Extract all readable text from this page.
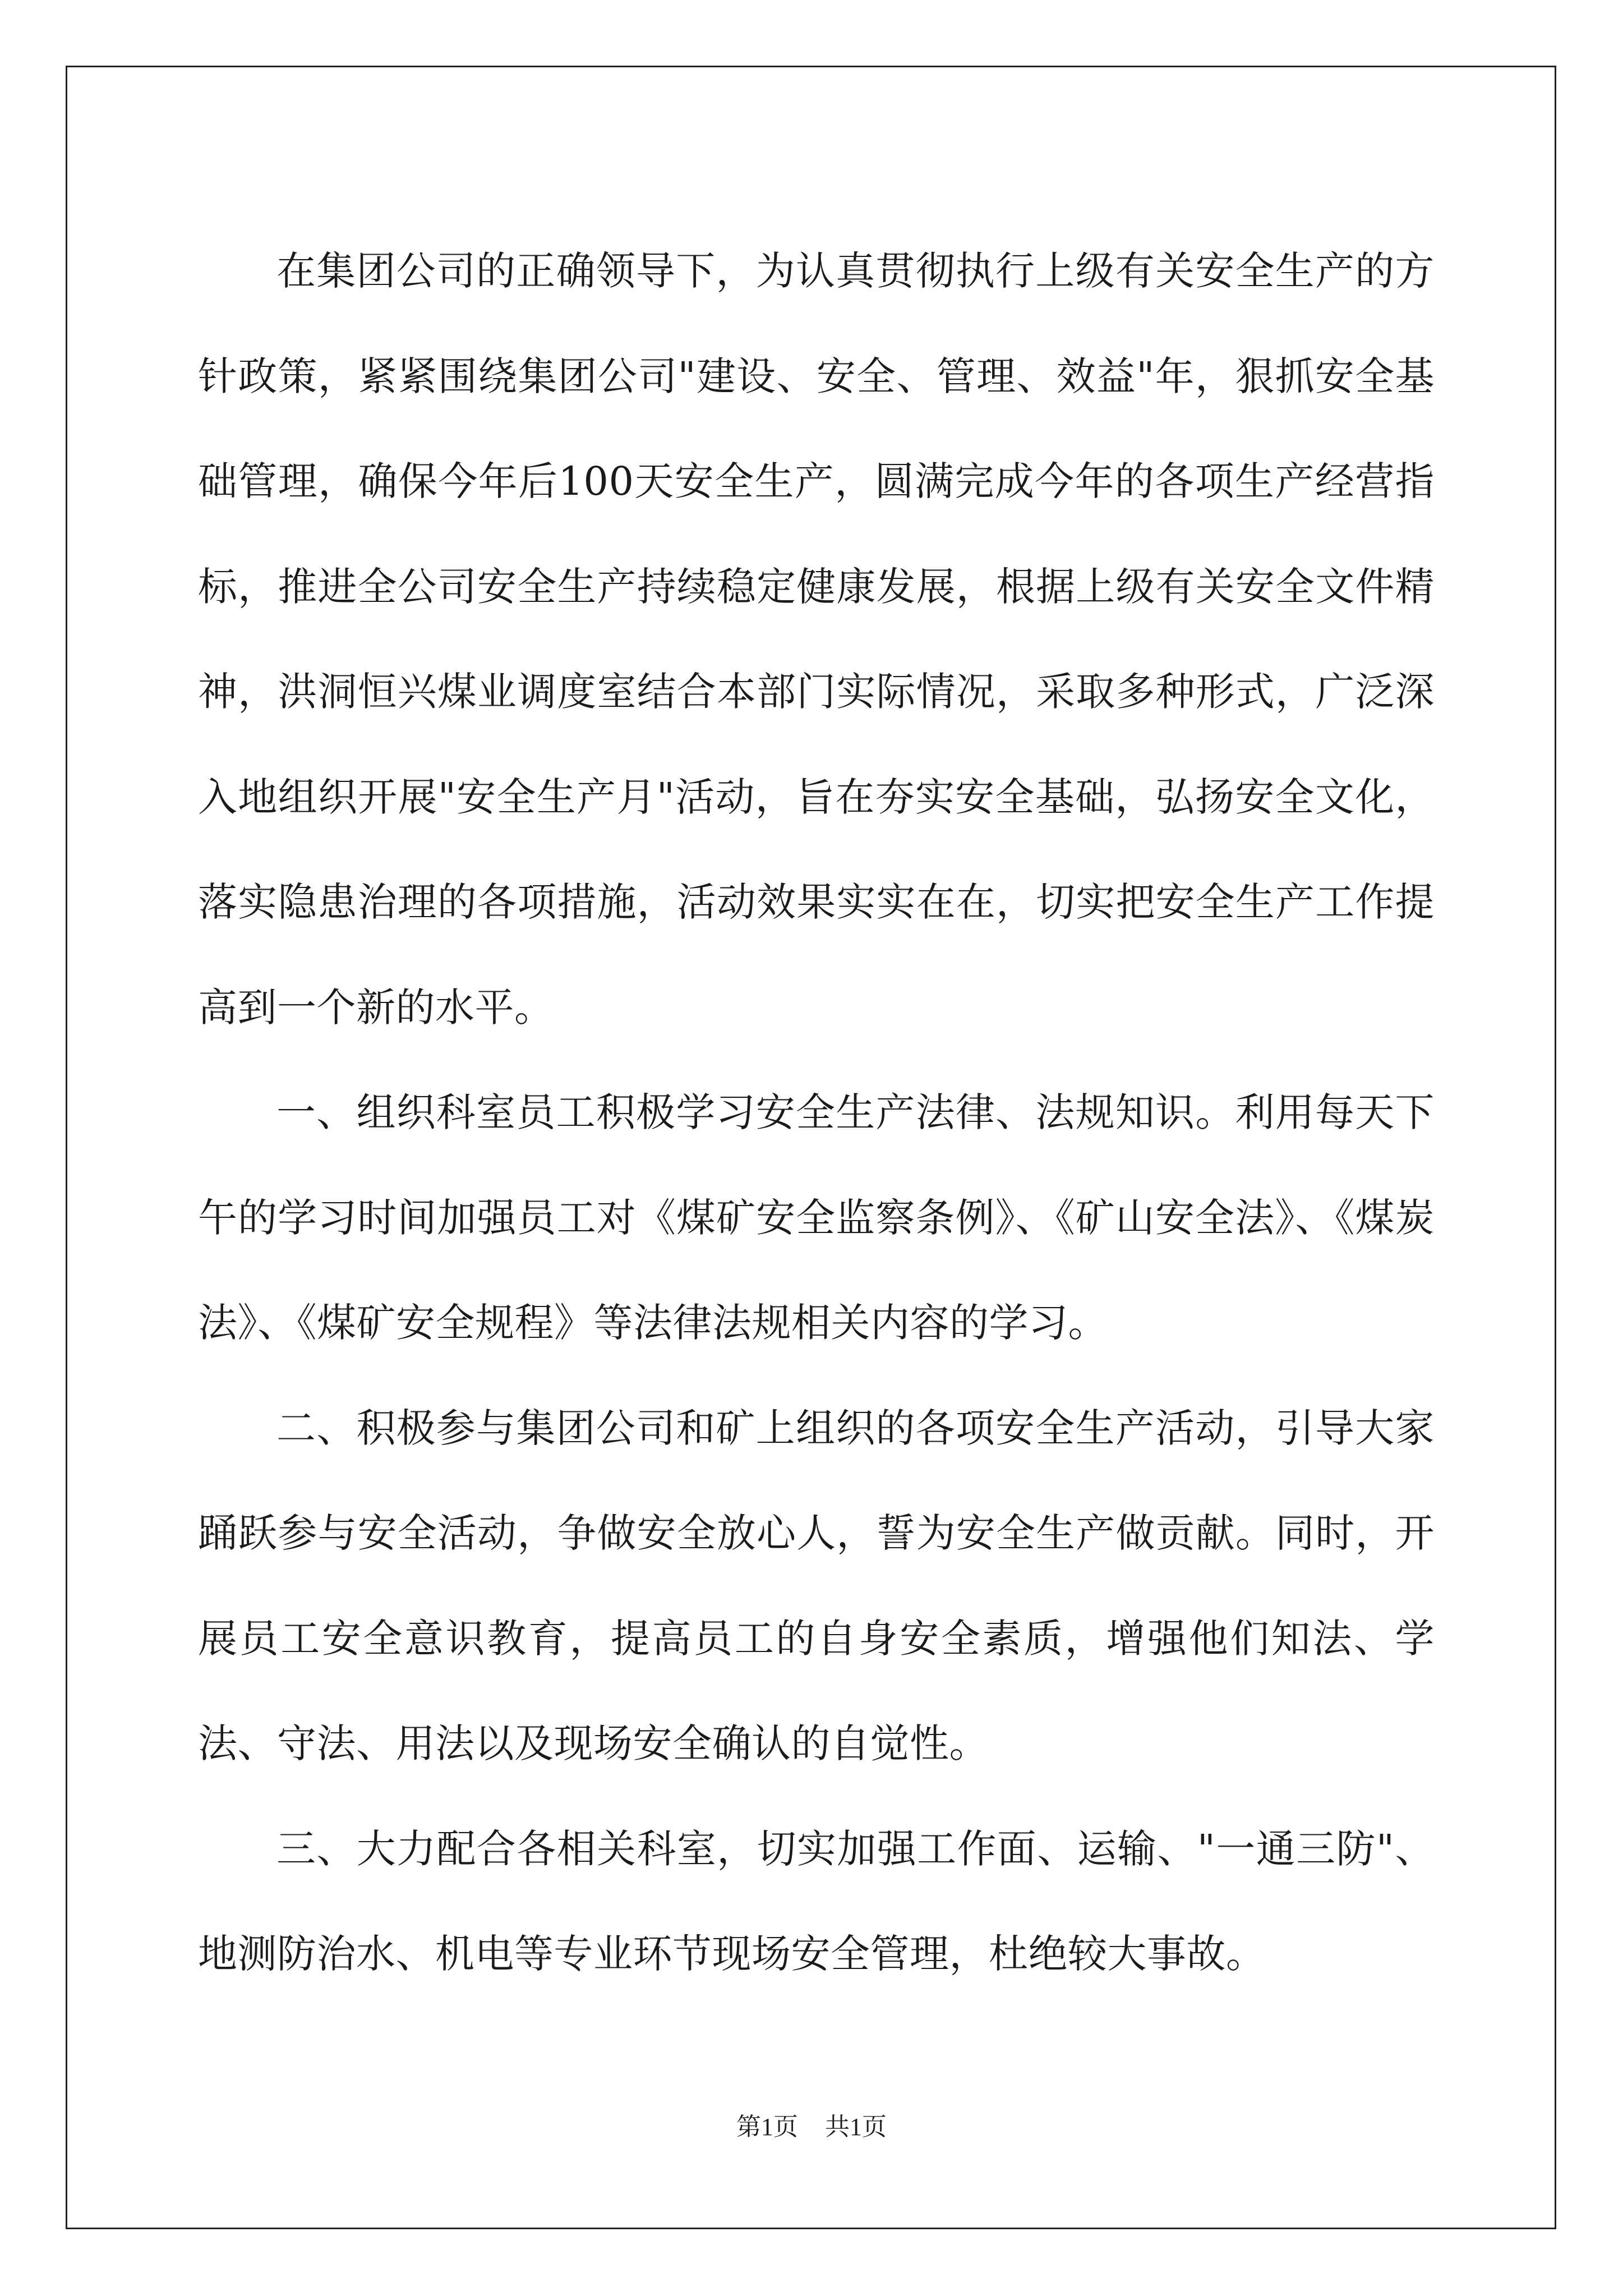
在集团公司的正确领导下，为认真贯彻执行上级有关安全生产的方针政策，紧紧围绕集团公司"建设、安全、管理、效益"年，狠抓安全基础管理，确保今年后100天安全生产，圆满完成今年的各项生产经营指标，推进全公司安全生产持续稳定健康发展，根据上级有关安全文件精神，洪洞恒兴煤业调度室结合本部门实际情况，采取多种形式，广泛深入地组织开展"安全生产月"活动，旨在夯实安全基础，弘扬安全文化，落实隐患治理的各项措施，活动效果实实在在，切实把安全生产工作提高到一个新的水平。

一、组织科室员工积极学习安全生产法律、法规知识。利用每天下午的学习时间加强员工对《煤矿安全监察条例》、《矿山安全法》、《煤炭法》、《煤矿安全规程》等法律法规相关内容的学习。

二、积极参与集团公司和矿上组织的各项安全生产活动，引导大家踊跃参与安全活动，争做安全放心人，誓为安全生产做贡献。同时，开展员工安全意识教育，提高员工的自身安全素质，增强他们知法、学法、守法、用法以及现场安全确认的自觉性。

三、大力配合各相关科室，切实加强工作面、运输、"一通三防"、地测防治水、机电等专业环节现场安全管理，杜绝较大事故。

第1页 共1页
